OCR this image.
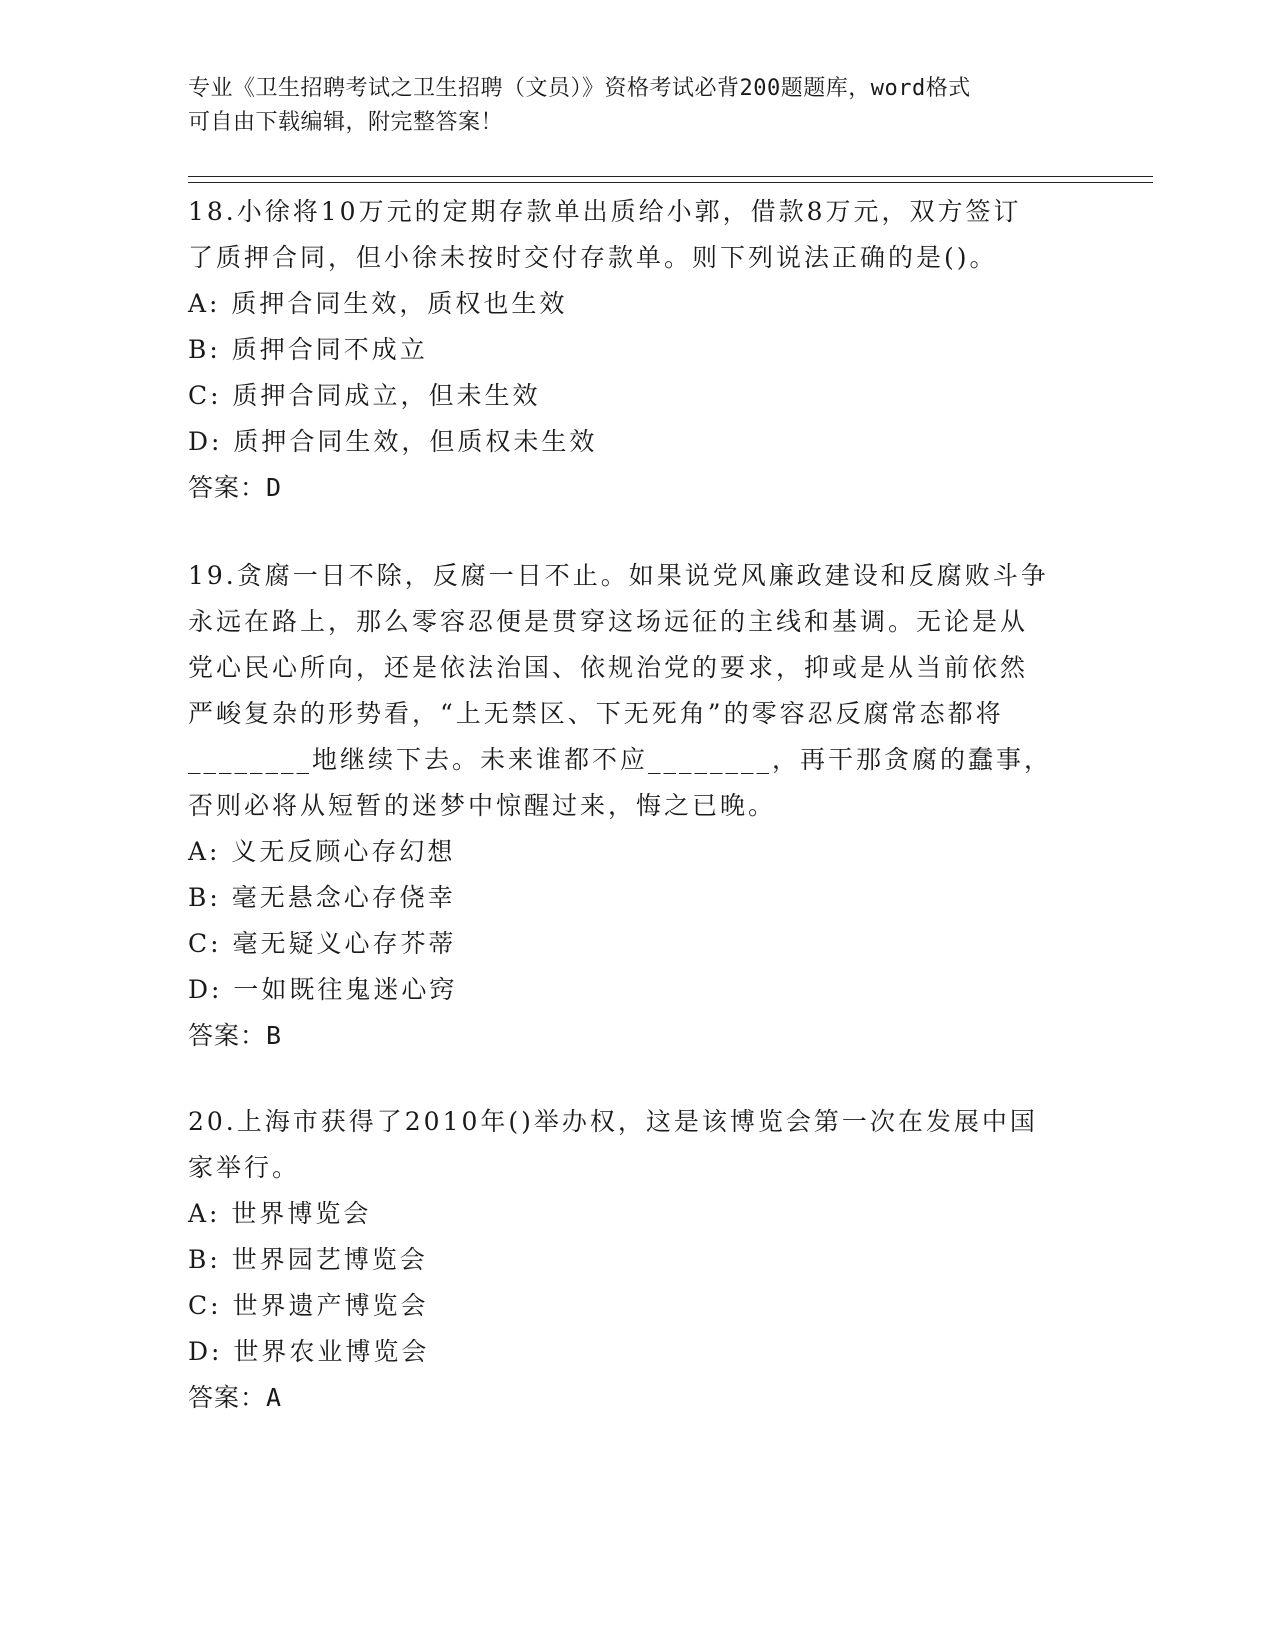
专业《卫生招聘考试之卫生招聘（文员）》资格考试必背200题题库，word格式
可自由下载编辑，附完整答案！

18.小徐将10万元的定期存款单出质给小郭，借款8万元，双方签订

了质押合同，但小徐未按时交付存款单。则下列说法正确的是()。

A: 质押合同生效，质权也生效

B: 质押合同不成立

C: 质押合同成立，但未生效

D: 质押合同生效，但质权未生效

答案：D

19.贪腐一日不除，反腐一日不止。如果说党风廉政建设和反腐败斗争

永远在路上，那么零容忍便是贯穿这场远征的主线和基调。无论是从

党心民心所向，还是依法治国、依规治党的要求，抑或是从当前依然

严峻复杂的形势看，“上无禁区、下无死角”的零容忍反腐常态都将

________地继续下去。未来谁都不应________，再干那贪腐的蠢事，

否则必将从短暂的迷梦中惊醒过来，悔之已晚。

A: 义无反顾心存幻想

B: 毫无悬念心存侥幸

C: 毫无疑义心存芥蒂

D: 一如既往鬼迷心窍

答案：B

20.上海市获得了2010年()举办权，这是该博览会第一次在发展中国

家举行。

A: 世界博览会

B: 世界园艺博览会

C: 世界遗产博览会

D: 世界农业博览会

答案：A
